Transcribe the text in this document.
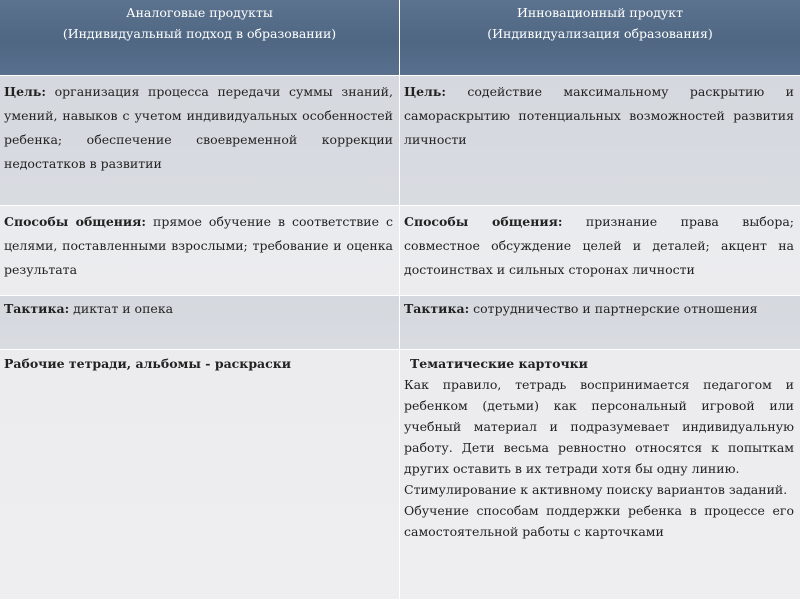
Аналоговые продукты
(Индивидуальный подход в образовании)
Инновационный продукт
(Индивидуализация образования)
Цель: организация процесса передачи суммы знаний, умений, навыков с учетом индивидуальных особенностей ребенка; обеспечение своевременной коррекции недостатков в развитии
Цель: содействие максимальному раскрытию и самораскрытию потенциальных возможностей развития личности
Способы общения: прямое обучение в соответствие с целями, поставленными взрослыми; требование и оценка результата
Способы общения: признание права выбора; совместное обсуждение целей и деталей; акцент на достоинствах и сильных сторонах личности
Тактика: диктат и опека	Тактика: сотрудничество и партнерские отношения
Рабочие тетради, альбомы - раскраски	Тематические карточки
Как правило, тетрадь воспринимается педагогом и ребенком (детьми) как персональный игровой или учебный материал и подразумевает индивидуальную работу. Дети весьма ревностно относятся к попыткам других оставить в их тетради хотя бы одну линию.
Стимулирование к активному поиску вариантов заданий.
Обучение способам поддержки ребенка в процессе его самостоятельной работы с карточками
